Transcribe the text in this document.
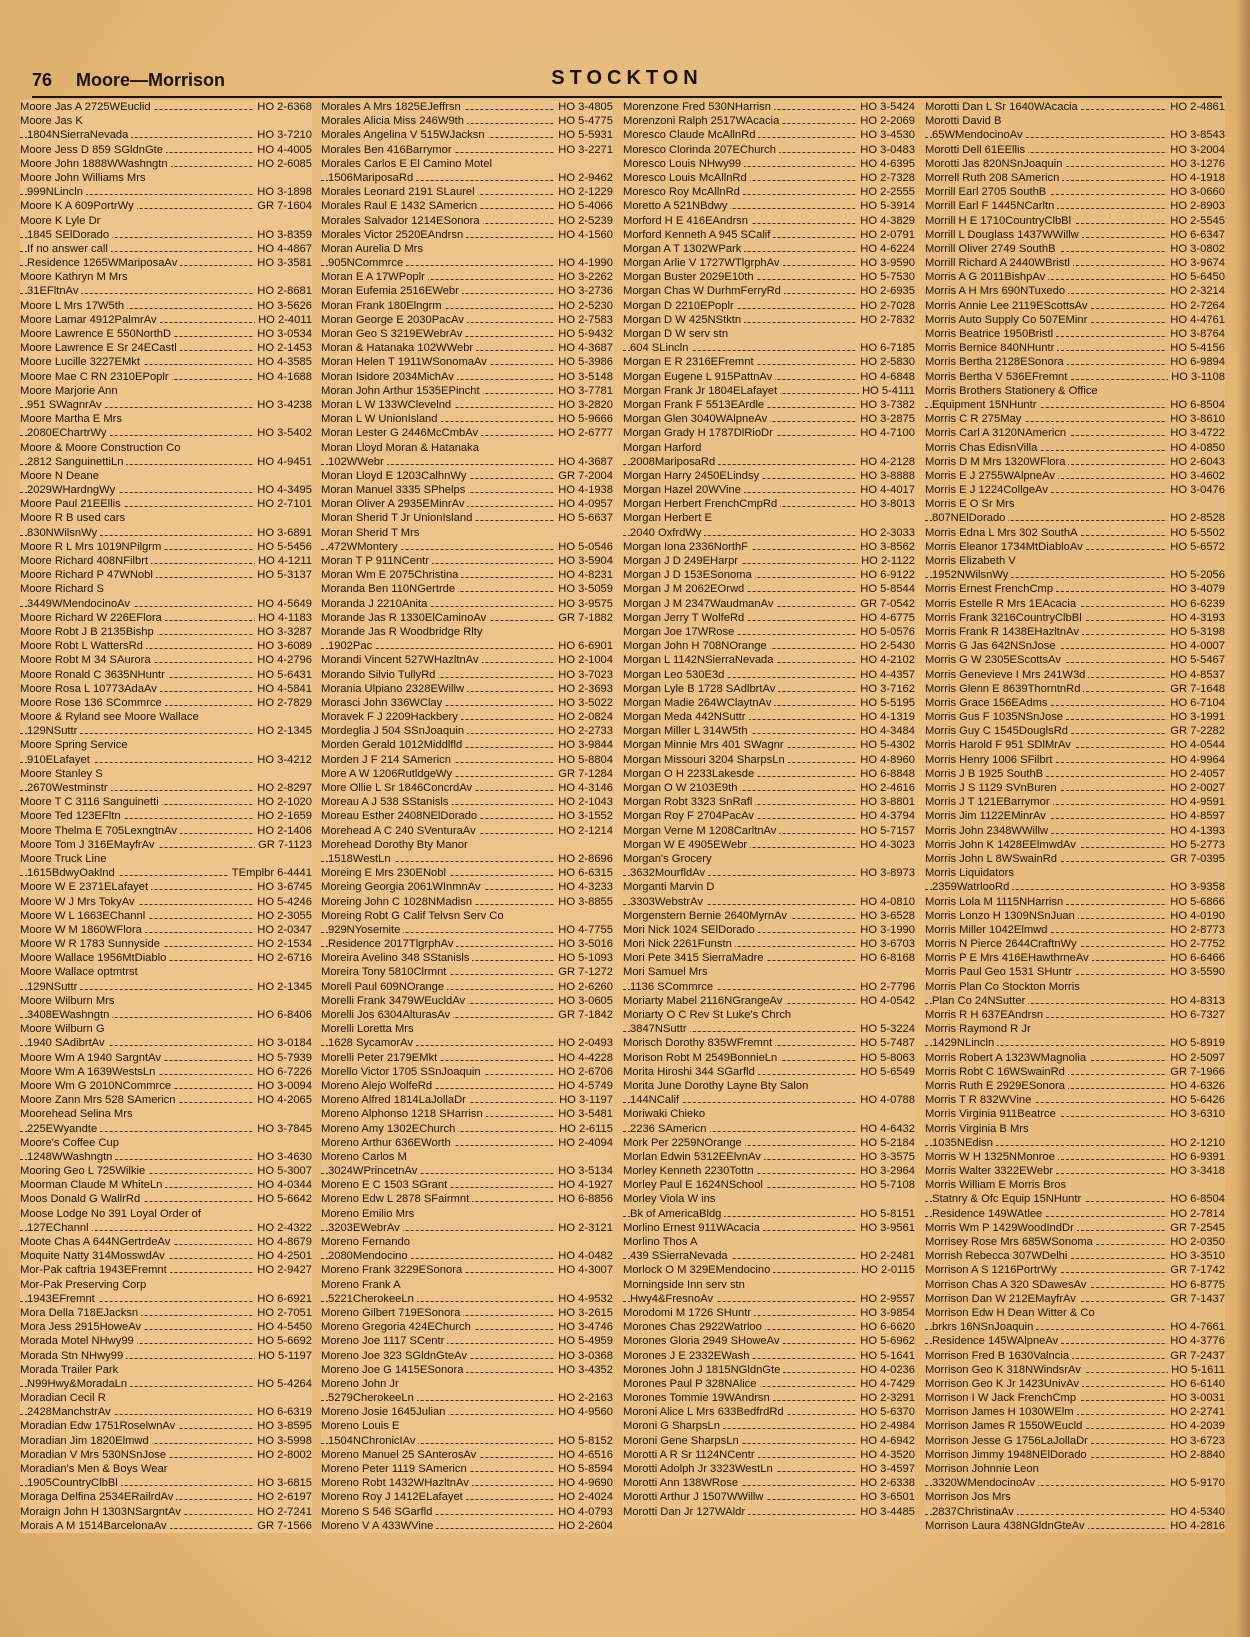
76 Moore—Morrison	STOCKTON
Moore Jas A 2725WEuclid	HO 2-6368
Moore Jas K
1804NSierraNevada	HO 3-7210
Moore Jess D 859 SGldnGte	HO 4-4005
Moore John 1888WWashngtn	HO 2-6085
Moore John Williams Mrs
999NLincln	HO 3-1898
Moore K A 609PortrWy	GR 7-1604
Moore K Lyle Dr
1845 SElDorado	HO 3-8359
If no answer call	HO 4-4867
Residence 1265WMariposaAv	HO 3-3581
Moore Kathryn M Mrs
31EFltnAv	HO 2-8681
Moore L Mrs 17W5th	HO 3-5626
Moore Lamar 4912PalmrAv	HO 2-4011
Moore Lawrence E 550NorthD	HO 3-0534
Moore Lawrence E Sr 24ECastl	HO 2-1453
Moore Lucille 3227EMkt	HO 4-3585
Moore Mae C RN 2310EPoplr	HO 4-1688
Moore Marjorie Ann
951 SWagnrAv	HO 3-4238
Moore Martha E Mrs
2080EChartrWy	HO 3-5402
Moore & Moore Construction Co
2812 SanguinettiLn	HO 4-9451
Moore N Deane
2029WHardngWy	HO 4-3495
Moore Paul 21EEllis	HO 2-7101
Moore R B used cars
830NWilsnWy	HO 3-6891
Moore R L Mrs 1019NPilgrm	HO 5-5456
Moore Richard 408NFilbrt	HO 4-1211
Moore Richard P 47WNobl	HO 5-3137
Moore Richard S
3449WMendocinoAv	HO 4-5649
Moore Richard W 226EFlora	HO 4-1183
Moore Robt J B 2135Bishp	HO 3-3287
Moore Robt L WattersRd	HO 3-6089
Moore Robt M 34 SAurora	HO 4-2796
Moore Ronald C 3635NHuntr	HO 5-6431
Moore Rosa L 10773AdaAv	HO 4-5841
Moore Rose 136 SCommrce	HO 2-7829
Moore & Ryland see Moore Wallace
129NSuttr	HO 2-1345
Moore Spring Service
910ELafayet	HO 3-4212
Moore Stanley S
2670Westminstr	HO 2-8297
Moore T C 3116 Sanguinetti	HO 2-1020
Moore Ted 123EFltn	HO 2-1659
Moore Thelma E 705LexngtnAv	HO 2-1406
Moore Tom J 316EMayfrAv	GR 7-1123
Moore Truck Line
1615BdwyOaklnd	TEmplbr 6-4441
Moore W E 2371ELafayet	HO 3-6745
Moore W J Mrs TokyAv	HO 5-4246
Moore W L 1663EChannl	HO 2-3055
Moore W M 1860WFlora	HO 2-0347
Moore W R 1783 Sunnyside	HO 2-1534
Moore Wallace 1956MtDiablo	HO 2-6716
Moore Wallace optmtrst
129NSuttr	HO 2-1345
Moore Wilburn Mrs
3408EWashngtn	HO 6-8406
Moore Wilburn G
1940 SAdibrtAv	HO 3-0184
Moore Wm A 1940 SargntAv	HO 5-7939
Moore Wm A 1639WestsLn	HO 6-7226
Moore Wm G 2010NCommrce	HO 3-0094
Moore Zann Mrs 528 SAmericn	HO 4-2065
Moorehead Selina Mrs
225EWyandte	HO 3-7845
Moore's Coffee Cup
1248WWashngtn	HO 3-4630
Mooring Geo L 725Wilkie	HO 5-3007
Moorman Claude M WhiteLn	HO 4-0344
Moos Donald G WallrRd	HO 5-6642
Moose Lodge No 391 Loyal Order of
127EChannl	HO 2-4322
Moote Chas A 644NGertrdeAv	HO 4-8679
Moquite Natty 314MosswdAv	HO 4-2501
Mor-Pak caftria 1943EFremnt	HO 2-9427
Mor-Pak Preserving Corp
1943EFremnt	HO 6-6921
Mora Della 718EJacksn	HO 2-7051
Mora Jess 2915HoweAv	HO 4-5450
Morada Motel NHwy99	HO 5-6692
Morada Stn NHwy99	HO 5-1197
Morada Trailer Park
N99Hwy&MoradaLn	HO 5-4264
Moradian Cecil R
2428ManchstrAv	HO 6-6319
Moradian Edw 1751RoselwnAv	HO 3-8595
Moradian Jim 1820Elmwd	HO 3-5998
Moradian V Mrs 530NSnJose	HO 2-8002
Moradian's Men & Boys Wear
1905CountryClbBl	HO 3-6815
Moraga Delfina 2534ERailrdAv	HO 2-6197
Moraign John H 1303NSargntAv	HO 2-7241
Morais A M 1514BarcelonaAv	GR 7-1566
Morales A Mrs 1825EJeffrsn	HO 3-4805
Morales Alicia Miss 246W9th	HO 5-4775
Morales Angelina V 515WJacksn	HO 5-5931
Morales Ben 416Barrymor	HO 3-2271
Morales Carlos E El Camino Motel
1506MariposaRd	HO 2-9462
Morales Leonard 2191 SLaurel	HO 2-1229
Morales Raul E 1432 SAmericn	HO 5-4066
Morales Salvador 1214ESonora	HO 2-5239
Morales Victor 2520EAndrsn	HO 4-1560
Moran Aurelia D Mrs
905NCommrce	HO 4-1990
Moran E A 17WPoplr	HO 3-2262
Moran Eufemia 2516EWebr	HO 3-2736
Moran Frank 180Elngrm	HO 2-5230
Moran George E 2030PacAv	HO 2-7583
Moran Geo S 3219EWebrAv	HO 5-9432
Moran & Hatanaka 102WWebr	HO 4-3687
Moran Helen T 1911WSonomaAv	HO 5-3986
Moran Isidore 2034MichAv	HO 3-5148
Moran John Arthur 1535EPincht	HO 3-7781
Moran L W 133WClevelnd	HO 3-2820
Moran L W UnionIsland	HO 5-9666
Moran Lester G 2446McCmbAv	HO 2-6777
Moran Lloyd Moran & Hatanaka
102WWebr	HO 4-3687
Moran Lloyd E 1203CalhnWy	GR 7-2004
Moran Manuel 3335 SPhelps	HO 4-1938
Moran Oliver A 2935EMinrAv	HO 4-0957
Moran Sherid T Jr UnionIsland	HO 5-6637
Moran Sherid T Mrs
472WMontery	HO 5-0546
Moran T P 911NCentr	HO 3-5904
Moran Wm E 2075Christina	HO 4-8231
Moranda Ben 110NGertrde	HO 3-5059
Moranda J 2210Anita	HO 3-9575
Morande Jas R 1330ElCaminoAv	GR 7-1882
Morande Jas R Woodbridge Rlty
1902Pac	HO 6-6901
Morandi Vincent 527WHazltnAv	HO 2-1004
Morando Silvio TullyRd	HO 3-7023
Morania Ulpiano 2328EWillw	HO 2-3693
Morasci John 336WClay	HO 3-5022
Moravek F J 2209Hackbery	HO 2-0824
Mordeglia J 504 SSnJoaquin	HO 2-2733
Morden Gerald 1012Middlfld	HO 3-9844
Morden J F 214 SAmericn	HO 5-8804
More A W 1206RutldgeWy	GR 7-1284
More Ollie L Sr 1846ConcrdAv	HO 4-3146
Moreau A J 538 SStanisls	HO 2-1043
Moreau Esther 2408NElDorado	HO 3-1552
Morehead A C 240 SVenturaAv	HO 2-1214
Morehead Dorothy Bty Manor
1518WestLn	HO 2-8696
Moreing E Mrs 230ENobl	HO 6-6315
Moreing Georgia 2061WInmnAv	HO 4-3233
Moreing John C 1028NMadisn	HO 3-8855
Moreing Robt G Calif Telvsn Serv Co
929NYosemite	HO 4-7755
Residence 2017TlgrphAv	HO 3-5016
Moreira Avelino 348 SStanisls	HO 5-1093
Moreira Tony 5810Clrmnt	GR 7-1272
Morell Paul 609NOrange	HO 2-6260
Morelli Frank 3479WEucldAv	HO 3-0605
Morelli Jos 6304AlturasAv	GR 7-1842
Morelli Loretta Mrs
1628 SycamorAv	HO 2-0493
Morelli Peter 2179EMkt	HO 4-4228
Morello Victor 1705 SSnJoaquin	HO 2-6706
Moreno Alejo WolfeRd	HO 4-5749
Moreno Alfred 1814LaJollaDr	HO 3-1197
Moreno Alphonso 1218 SHarrisn	HO 3-5481
Moreno Amy 1302EChurch	HO 2-6115
Moreno Arthur 636EWorth	HO 2-4094
Moreno Carlos M
3024WPrincetnAv	HO 3-5134
Moreno E C 1503 SGrant	HO 4-1927
Moreno Edw L 2878 SFairmnt	HO 6-8856
Moreno Emilio Mrs
3203EWebrAv	HO 2-3121
Moreno Fernando
2080Mendocino	HO 4-0482
Moreno Frank 3229ESonora	HO 4-3007
Moreno Frank A
5221CherokeeLn	HO 4-9532
Moreno Gilbert 719ESonora	HO 3-2615
Moreno Gregoria 424EChurch	HO 3-4746
Moreno Joe 1117 SCentr	HO 5-4959
Moreno Joe 323 SGldnGteAv	HO 3-0368
Moreno Joe G 1415ESonora	HO 3-4352
Moreno John Jr
5279CherokeeLn	HO 2-2163
Moreno Josie 1645Julian	HO 4-9560
Moreno Louis E
1504NChronicIAv	HO 5-8152
Moreno Manuel 25 SAnterosAv	HO 4-6516
Moreno Peter 1119 SAmericn	HO 5-8594
Moreno Robt 1432WHazltnAv	HO 4-9690
Moreno Roy J 1412ELafayet	HO 2-4024
Moreno S 546 SGarfld	HO 4-0793
Moreno V A 433WVine	HO 2-2604
Morenzone Fred 530NHarrisn	HO 3-5424
Morenzoni Ralph 2517WAcacia	HO 2-2069
Moresco Claude McAllnRd	HO 3-4530
Moresco Clorinda 207EChurch	HO 3-0483
Moresco Louis NHwy99	HO 4-6395
Moresco Louis McAllnRd	HO 2-7328
Moresco Roy McAllnRd	HO 2-2555
Moretto A 521NBdwy	HO 5-3914
Morford H E 416EAndrsn	HO 4-3829
Morford Kenneth A 945 SCalif	HO 2-0791
Morgan A T 1302WPark	HO 4-6224
Morgan Arlie V 1727WTlgrphAv	HO 3-9590
Morgan Buster 2029E10th	HO 5-7530
Morgan Chas W DurhmFerryRd	HO 2-6935
Morgan D 2210EPoplr	HO 2-7028
Morgan D W 425NStktn	HO 2-7832
Morgan D W serv stn
604 SLincln	HO 6-7185
Morgan E R 2316EFremnt	HO 2-5830
Morgan Eugene L 915PattnAv	HO 4-6848
Morgan Frank Jr 1804ELafayet	HO 5-4111
Morgan Frank F 5513EArdle	HO 3-7382
Morgan Glen 3040WAlpneAv	HO 3-2875
Morgan Grady H 1787DlRioDr	HO 4-7100
Morgan Harford
2008MariposaRd	HO 4-2128
Morgan Harry 2450ELindsy	HO 3-8888
Morgan Hazel 20WVine	HO 4-4017
Morgan Herbert FrenchCmpRd	HO 3-8013
Morgan Herbert E
2040 OxfrdWy	HO 2-3033
Morgan Iona 2336NorthF	HO 3-8562
Morgan J D 249EHarpr	HO 2-1122
Morgan J D 153ESonoma	HO 6-9122
Morgan J M 2062EOrwd	HO 5-8544
Morgan J M 2347WaudmanAv	GR 7-0542
Morgan Jerry T WolfeRd	HO 4-6775
Morgan Joe 17WRose	HO 5-0576
Morgan John H 708NOrange	HO 2-5430
Morgan L 1142NSierraNevada	HO 4-2102
Morgan Leo 530E3d	HO 4-4357
Morgan Lyle B 1728 SAdlbrtAv	HO 3-7162
Morgan Madie 264WClaytnAv	HO 5-5195
Morgan Meda 442NSuttr	HO 4-1319
Morgan Miller L 314W5th	HO 4-3484
Morgan Minnie Mrs 401 SWagnr	HO 5-4302
Morgan Missouri 3204 SharpsLn	HO 4-8960
Morgan O H 2233Lakesde	HO 6-8848
Morgan O W 2103E9th	HO 2-4616
Morgan Robt 3323 SnRafl	HO 3-8801
Morgan Roy F 2704PacAv	HO 4-3794
Morgan Verne M 1208CarltnAv	HO 5-7157
Morgan W E 4905EWebr	HO 4-3023
Morgan's Grocery
3632MourfldAv	HO 3-8973
Morganti Marvin D
3303WebstrAv	HO 4-0810
Morgenstern Bernie 2640MyrnAv	HO 3-6528
Mori Nick 1024 SElDorado	HO 3-1990
Mori Nick 2261Funstn	HO 3-6703
Mori Pete 3415 SierraMadre	HO 6-8168
Mori Samuel Mrs
1136 SCommrce	HO 2-7796
Moriarty Mabel 2116NGrangeAv	HO 4-0542
Moriarty O C Rev St Luke's Chrch
3847NSuttr	HO 5-3224
Morisch Dorothy 835WFremnt	HO 5-7487
Morison Robt M 2549BonnieLn	HO 5-8063
Morita Hiroshi 344 SGarfld	HO 5-6549
Morita June Dorothy Layne Bty Salon
144NCalif	HO 4-0788
Moriwaki Chieko
2236 SAmericn	HO 4-6432
Mork Per 2259NOrange	HO 5-2184
Morlan Edwin 5312EElvnAv	HO 3-3575
Morley Kenneth 2230Tottn	HO 3-2964
Morley Paul E 1624NSchool	HO 5-7108
Morley Viola W ins
Bk of AmericaBldg	HO 5-8151
Morlino Ernest 911WAcacia	HO 3-9561
Morlino Thos A
439 SSierraNevada	HO 2-2481
Morlock O M 329EMendocino	HO 2-0115
Morningside Inn serv stn
Hwy4&FresnoAv	HO 2-9557
Morodomi M 1726 SHuntr	HO 3-9854
Morones Chas 2922Watrloo	HO 6-6620
Morones Gloria 2949 SHoweAv	HO 5-6962
Morones J E 2332EWash	HO 5-1641
Morones John J 1815NGldnGte	HO 4-0236
Morones Paul P 328NAlice	HO 4-7429
Morones Tommie 19WAndrsn	HO 2-3291
Moroni Alice L Mrs 633BedfrdRd	HO 5-6370
Moroni G SharpsLn	HO 2-4984
Moroni Gene SharpsLn	HO 4-6942
Morotti A R Sr 1124NCentr	HO 4-3520
Morotti Adolph Jr 3323WestLn	HO 3-4597
Morotti Ann 138WRose	HO 2-6338
Morotti Arthur J 1507WWillw	HO 3-6501
Morotti Dan Jr 127WAldr	HO 3-4485
Morotti Dan L Sr 1640WAcacia	HO 2-4861
Morotti David B
65WMendocinoAv	HO 3-8543
Morotti Dell 61EEllis	HO 3-2004
Morotti Jas 820NSnJoaquin	HO 3-1276
Morrell Ruth 208 SAmericn	HO 4-1918
Morrill Earl 2705 SouthB	HO 3-0660
Morrill Earl F 1445NCarltn	HO 2-8903
Morrill H E 1710CountryClbBl	HO 2-5545
Morrill L Douglass 1437WWillw	HO 6-6347
Morrill Oliver 2749 SouthB	HO 3-0802
Morrill Richard A 2440WBristl	HO 3-9674
Morris A G 2011BishpAv	HO 5-6450
Morris A H Mrs 690NTuxedo	HO 2-3214
Morris Annie Lee 2119EScottsAv	HO 2-7264
Morris Auto Supply Co 507EMinr	HO 4-4761
Morris Beatrice 1950Bristl	HO 3-8764
Morris Bernice 840NHuntr	HO 5-4156
Morris Bertha 2128ESonora	HO 6-9894
Morris Bertha V 536EFremnt	HO 3-1108
Morris Brothers Stationery & Office
Equipment 15NHuntr	HO 6-8504
Morris C R 275May	HO 3-8610
Morris Carl A 3120NAmericn	HO 3-4722
Morris Chas EdisnVilla	HO 4-0850
Morris D M Mrs 1320WFlora	HO 2-6043
Morris E J 2755WAlpneAv	HO 3-4602
Morris E J 1224CollgeAv	HO 3-0476
Morris E O Sr Mrs
807NElDorado	HO 2-8528
Morris Edna L Mrs 302 SouthA	HO 5-5502
Morris Eleanor 1734MtDiabloAv	HO 5-6572
Morris Elizabeth V
1952NWilsnWy	HO 5-2056
Morris Ernest FrenchCmp	HO 3-4079
Morris Estelle R Mrs 1EAcacia	HO 6-6239
Morris Frank 3216CountryClbBl	HO 4-3193
Morris Frank R 1438EHazltnAv	HO 5-3198
Morris G Jas 642NSnJose	HO 4-0007
Morris G W 2305EScottsAv	HO 5-5467
Morris Genevieve I Mrs 241W3d	HO 4-8537
Morris Glenn E 8639ThorntnRd	GR 7-1648
Morris Grace 156EAdms	HO 6-7104
Morris Gus F 1035NSnJose	HO 3-1991
Morris Guy C 1545DouglsRd	GR 7-2282
Morris Harold F 951 SDlMrAv	HO 4-0544
Morris Henry 1006 SFilbrt	HO 4-9964
Morris J B 1925 SouthB	HO 2-4057
Morris J S 1129 SVnBuren	HO 2-0027
Morris J T 121EBarrymor	HO 4-9591
Morris Jim 1122EMinrAv	HO 4-8597
Morris John 2348WWillw	HO 4-1393
Morris John K 1428EElmwdAv	HO 5-2773
Morris John L 8WSwainRd	GR 7-0395
Morris Liquidators
2359WatrlooRd	HO 3-9358
Morris Lola M 1115NHarrisn	HO 5-6866
Morris Lonzo H 1309NSnJuan	HO 4-0190
Morris Miller 1042Elmwd	HO 2-8773
Morris N Pierce 2644CraftnWy	HO 2-7752
Morris P E Mrs 416EHawthrneAv	HO 6-6466
Morris Paul Geo 1531 SHuntr	HO 3-5590
Morris Plan Co Stockton Morris
Plan Co 24NSutter	HO 4-8313
Morris R H 637EAndrsn	HO 6-7327
Morris Raymond R Jr
1429NLincln	HO 5-8919
Morris Robert A 1323WMagnolia	HO 2-5097
Morris Robt C 16WSwainRd	GR 7-1966
Morris Ruth E 2929ESonora	HO 4-6326
Morris T R 832WVine	HO 5-6426
Morris Virginia 911Beatrce	HO 3-6310
Morris Virginia B Mrs
1035NEdisn	HO 2-1210
Morris W H 1325NMonroe	HO 6-9391
Morris Walter 3322EWebr	HO 3-3418
Morris William E Morris Bros
Statnry & Ofc Equip 15NHuntr	HO 6-8504
Residence 149WAtlee	HO 2-7814
Morris Wm P 1429WoodIndDr	GR 7-2545
Morrisey Rose Mrs 685WSonoma	HO 2-0350
Morrish Rebecca 307WDelhi	HO 3-3510
Morrison A S 1216PortrWy	GR 7-1742
Morrison Chas A 320 SDawesAv	HO 6-8775
Morrison Dan W 212EMayfrAv	GR 7-1437
Morrison Edw H Dean Witter & Co
brkrs 16NSnJoaquin	HO 4-7661
Residence 145WAlpneAv	HO 4-3776
Morrison Fred B 1630Valncia	GR 7-2437
Morrison Geo K 318NWindsrAv	HO 5-1611
Morrison Geo K Jr 1423UnivAv	HO 6-6140
Morrison I W Jack FrenchCmp	HO 3-0031
Morrison James H 1030WElm	HO 2-2741
Morrison James R 1550WEucld	HO 4-2039
Morrison Jesse G 1756LaJollaDr	HO 3-6723
Morrison Jimmy 1948NElDorado	HO 2-8840
Morrison Johnnie Leon
3320WMendocinoAv	HO 5-9170
Morrison Jos Mrs
2837ChristinaAv	HO 4-5340
Morrison Laura 438NGldnGteAv	HO 4-2816
